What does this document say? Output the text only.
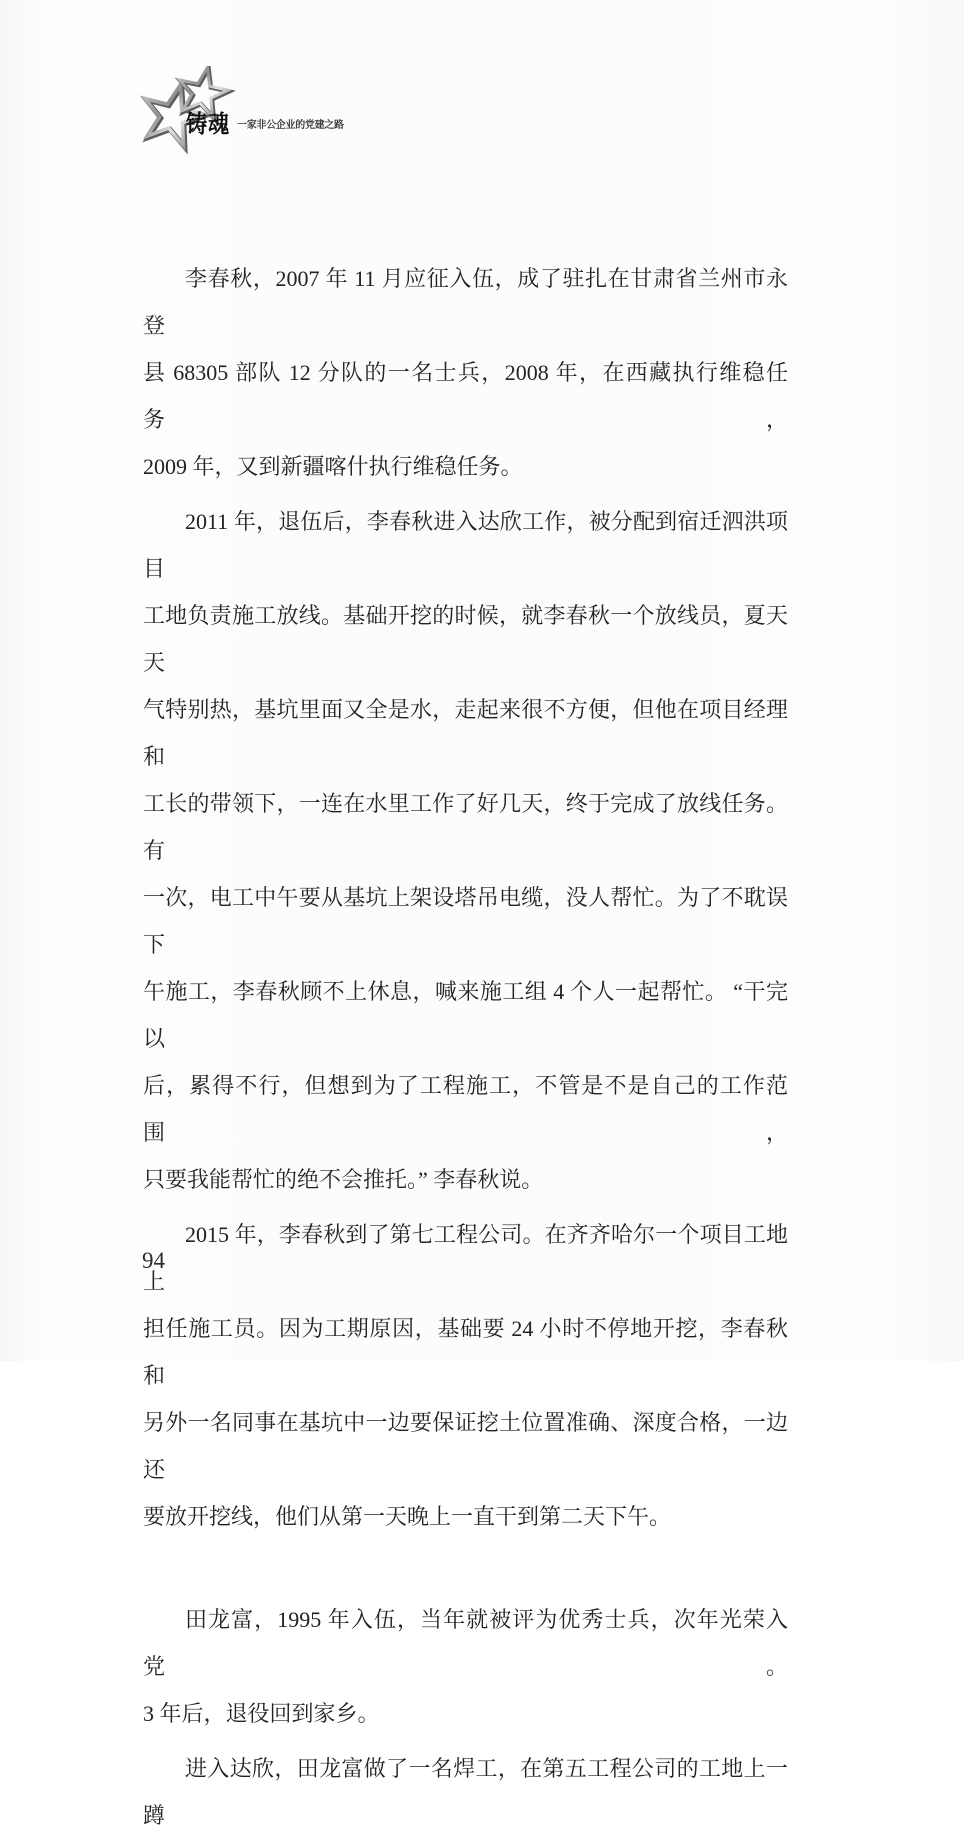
铸魂 一家非公企业的党建之路
李春秋，2007 年 11 月应征入伍，成了驻扎在甘肃省兰州市永登
县 68305 部队 12 分队的一名士兵，2008 年，在西藏执行维稳任务，
2009 年，又到新疆喀什执行维稳任务。
2011 年，退伍后，李春秋进入达欣工作，被分配到宿迁泗洪项目
工地负责施工放线。基础开挖的时候，就李春秋一个放线员，夏天天
气特别热，基坑里面又全是水，走起来很不方便，但他在项目经理和
工长的带领下，一连在水里工作了好几天，终于完成了放线任务。有
一次，电工中午要从基坑上架设塔吊电缆，没人帮忙。为了不耽误下
午施工，李春秋顾不上休息，喊来施工组 4 个人一起帮忙。 “干完以
后，累得不行，但想到为了工程施工，不管是不是自己的工作范围，
只要我能帮忙的绝不会推托。” 李春秋说。
2015 年，李春秋到了第七工程公司。在齐齐哈尔一个项目工地上
担任施工员。因为工期原因，基础要 24 小时不停地开挖，李春秋和
另外一名同事在基坑中一边要保证挖土位置准确、深度合格，一边还
要放开挖线，他们从第一天晚上一直干到第二天下午。
田龙富，1995 年入伍，当年就被评为优秀士兵，次年光荣入党。
3 年后，退役回到家乡。
进入达欣，田龙富做了一名焊工，在第五工程公司的工地上一蹲
94
